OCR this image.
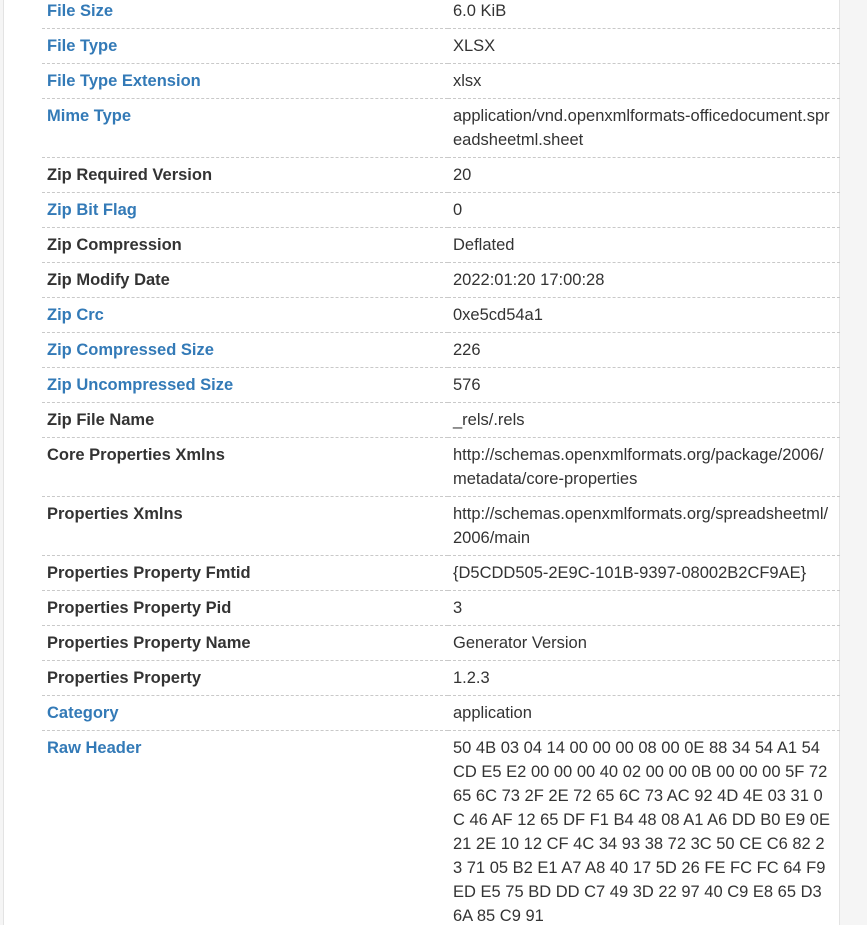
File Size	6.0 KiB
File Type	XLSX
File Type Extension	xlsx
Mime Type	application/vnd.openxmlformats-officedocument.spreadsheetml.sheet
Zip Required Version	20
Zip Bit Flag	0
Zip Compression	Deflated
Zip Modify Date	2022:01:20 17:00:28
Zip Crc	0xe5cd54a1
Zip Compressed Size	226
Zip Uncompressed Size	576
Zip File Name	_rels/.rels
Core Properties Xmlns	http://schemas.openxmlformats.org/package/2006/metadata/core-properties
Properties Xmlns	http://schemas.openxmlformats.org/spreadsheetml/2006/main
Properties Property Fmtid	{D5CDD505-2E9C-101B-9397-08002B2CF9AE}
Properties Property Pid	3
Properties Property Name	Generator Version
Properties Property	1.2.3
Category	application
Raw Header	50 4B 03 04 14 00 00 00 08 00 0E 88 34 54 A1 54 CD E5 E2 00 00 00 40 02 00 00 0B 00 00 00 5F 72 65 6C 73 2F 2E 72 65 6C 73 AC 92 4D 4E 03 31 0C 46 AF 12 65 DF F1 B4 48 08 A1 A6 DD B0 E9 0E 21 2E 10 12 CF 4C 34 93 38 72 3C 50 CE C6 82 23 71 05 B2 E1 A7 A8 40 17 5D 26 FE FC FC 64 F9 ED E5 75 BD DD C7 49 3D 22 97 40 C9 E8 65 D3 6A 85 C9 91
